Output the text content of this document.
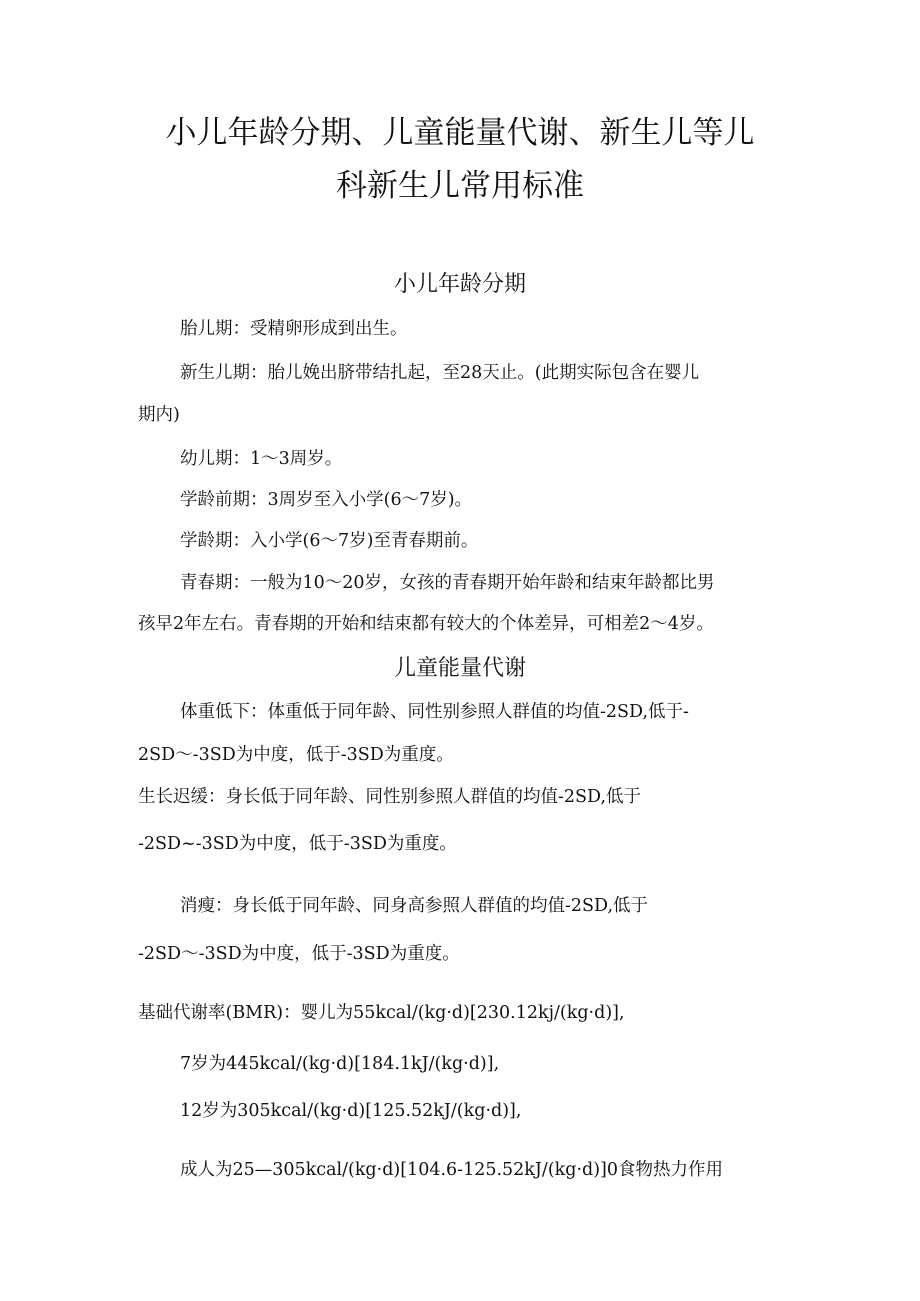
小儿年龄分期、儿童能量代谢、新生儿等儿
科新生儿常用标准
小儿年龄分期
胎儿期：受精卵形成到出生。
新生儿期：胎儿娩出脐带结扎起，至28天止。(此期实际包含在婴儿
期内)
幼儿期：1～3周岁。
学龄前期：3周岁至入小学(6～7岁)。
学龄期：入小学(6～7岁)至青春期前。
青春期：一般为10～20岁，女孩的青春期开始年龄和结束年龄都比男
孩早2年左右。青春期的开始和结束都有较大的个体差异，可相差2～4岁。
儿童能量代谢
体重低下：体重低于同年龄、同性别参照人群值的均值-2SD,低于-
2SD～-3SD为中度，低于-3SD为重度。
生长迟缓：身长低于同年龄、同性别参照人群值的均值-2SD,低于
-2SD~-3SD为中度，低于-3SD为重度。
消瘦：身长低于同年龄、同身高参照人群值的均值-2SD,低于
-2SD～-3SD为中度，低于-3SD为重度。
基础代谢率(BMR)：婴儿为55kcal/(kg·d)[230.12kj/(kg·d)],
7岁为445kcal/(kg·d)[184.1kJ/(kg·d)],
12岁为305kcal/(kg·d)[125.52kJ/(kg·d)],
成人为25—305kcal/(kg·d)[104.6-125.52kJ/(kg·d)]0食物热力作用
